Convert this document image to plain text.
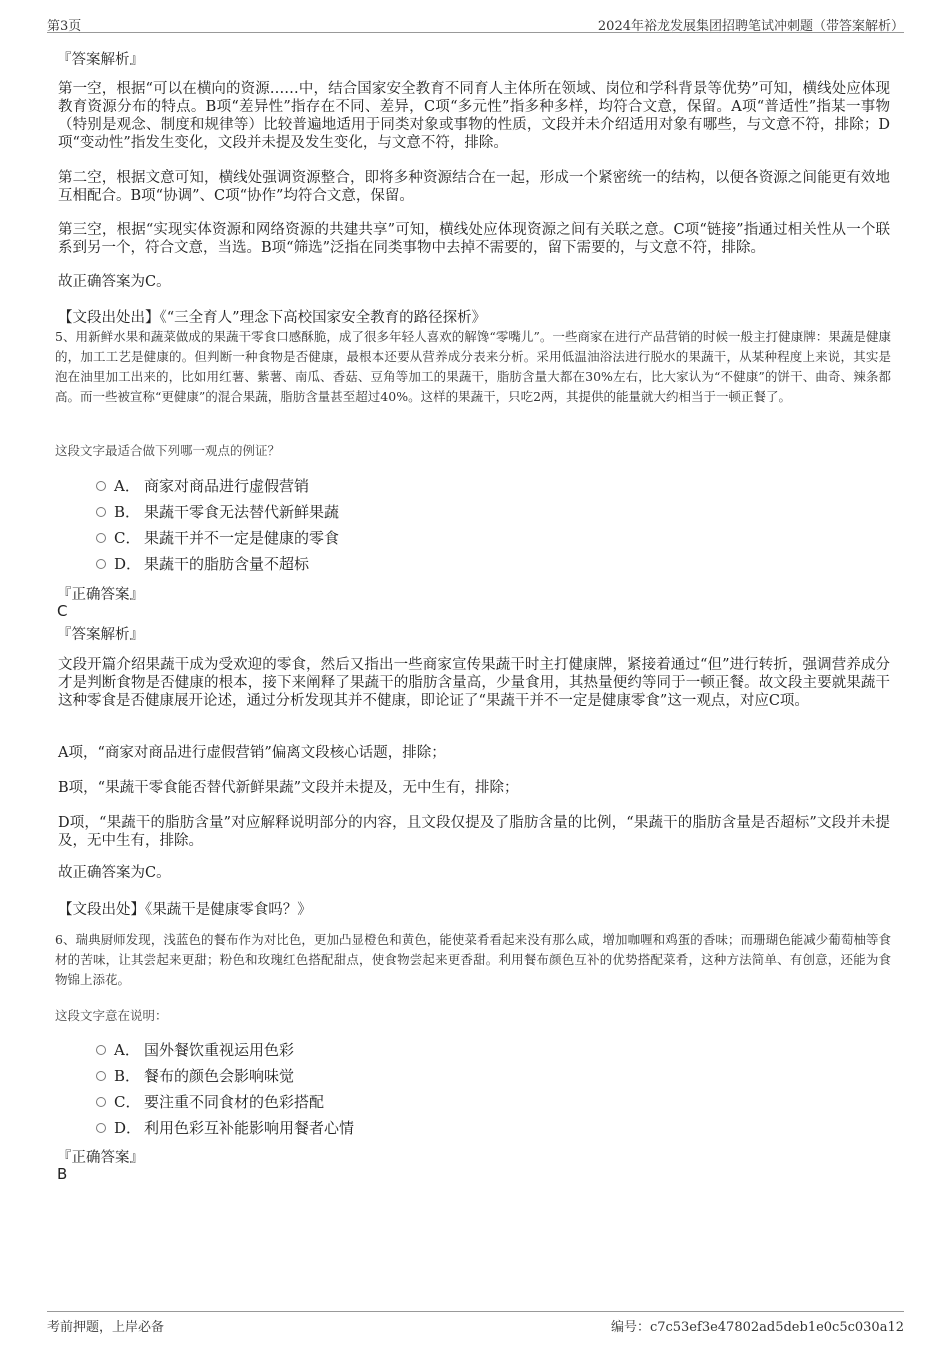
第3页	2024年裕龙发展集团招聘笔试冲刺题（带答案解析）
『答案解析』

第一空，根据“可以在横向的资源……中，结合国家安全教育不同育人主体所在领域、岗位和学科背景等优势”可知，横线处应体现教育资源分布的特点。B项“差异性”指存在不同、差异，C项“多元性”指多种多样，均符合文意，保留。A项“普适性”指某一事物（特别是观念、制度和规律等）比较普遍地适用于同类对象或事物的性质，文段并未介绍适用对象有哪些，与文意不符，排除；D项“变动性”指发生变化，文段并未提及发生变化，与文意不符，排除。

第二空，根据文意可知，横线处强调资源整合，即将多种资源结合在一起，形成一个紧密统一的结构，以便各资源之间能更有效地互相配合。B项“协调”、C项“协作”均符合文意，保留。

第三空，根据“实现实体资源和网络资源的共建共享”可知，横线处应体现资源之间有关联之意。C项“链接”指通过相关性从一个联系到另一个，符合文意，当选。B项“筛选”泛指在同类事物中去掉不需要的，留下需要的，与文意不符，排除。

故正确答案为C。

【文段出处出】《“三全育人”理念下高校国家安全教育的路径探析》

5、用新鲜水果和蔬菜做成的果蔬干零食口感酥脆，成了很多年轻人喜欢的解馋“零嘴儿”。一些商家在进行产品营销的时候一般主打健康牌：果蔬是健康的，加工工艺是健康的。但判断一种食物是否健康，最根本还要从营养成分表来分析。采用低温油浴法进行脱水的果蔬干，从某种程度上来说，其实是泡在油里加工出来的，比如用红薯、紫薯、南瓜、香菇、豆角等加工的果蔬干，脂肪含量大都在30%左右，比大家认为“不健康”的饼干、曲奇、辣条都高。而一些被宣称“更健康”的混合果蔬，脂肪含量甚至超过40%。这样的果蔬干，只吃2两，其提供的能量就大约相当于一顿正餐了。

这段文字最适合做下列哪一观点的例证？
A． 商家对商品进行虚假营销
B． 果蔬干零食无法替代新鲜果蔬
C． 果蔬干并不一定是健康的零食
D． 果蔬干的脂肪含量不超标
『正确答案』
C
『答案解析』

文段开篇介绍果蔬干成为受欢迎的零食，然后又指出一些商家宣传果蔬干时主打健康牌，紧接着通过“但”进行转折，强调营养成分才是判断食物是否健康的根本，接下来阐释了果蔬干的脂肪含量高，少量食用，其热量便约等同于一顿正餐。故文段主要就果蔬干这种零食是否健康展开论述，通过分析发现其并不健康，即论证了“果蔬干并不一定是健康零食”这一观点，对应C项。

A项，“商家对商品进行虚假营销”偏离文段核心话题，排除；

B项，“果蔬干零食能否替代新鲜果蔬”文段并未提及，无中生有，排除；

D项，“果蔬干的脂肪含量”对应解释说明部分的内容，且文段仅提及了脂肪含量的比例，“果蔬干的脂肪含量是否超标”文段并未提及，无中生有，排除。

故正确答案为C。

【文段出处】《果蔬干是健康零食吗？》

6、瑞典厨师发现，浅蓝色的餐布作为对比色，更加凸显橙色和黄色，能使菜肴看起来没有那么咸，增加咖喱和鸡蛋的香味；而珊瑚色能减少葡萄柚等食材的苦味，让其尝起来更甜；粉色和玫瑰红色搭配甜点，使食物尝起来更香甜。利用餐布颜色互补的优势搭配菜肴，这种方法简单、有创意，还能为食物锦上添花。

这段文字意在说明：
A． 国外餐饮重视运用色彩
B． 餐布的颜色会影响味觉
C． 要注重不同食材的色彩搭配
D． 利用色彩互补能影响用餐者心情
『正确答案』
B
考前押题，上岸必备	编号：c7c53ef3e47802ad5deb1e0c5c030a12
